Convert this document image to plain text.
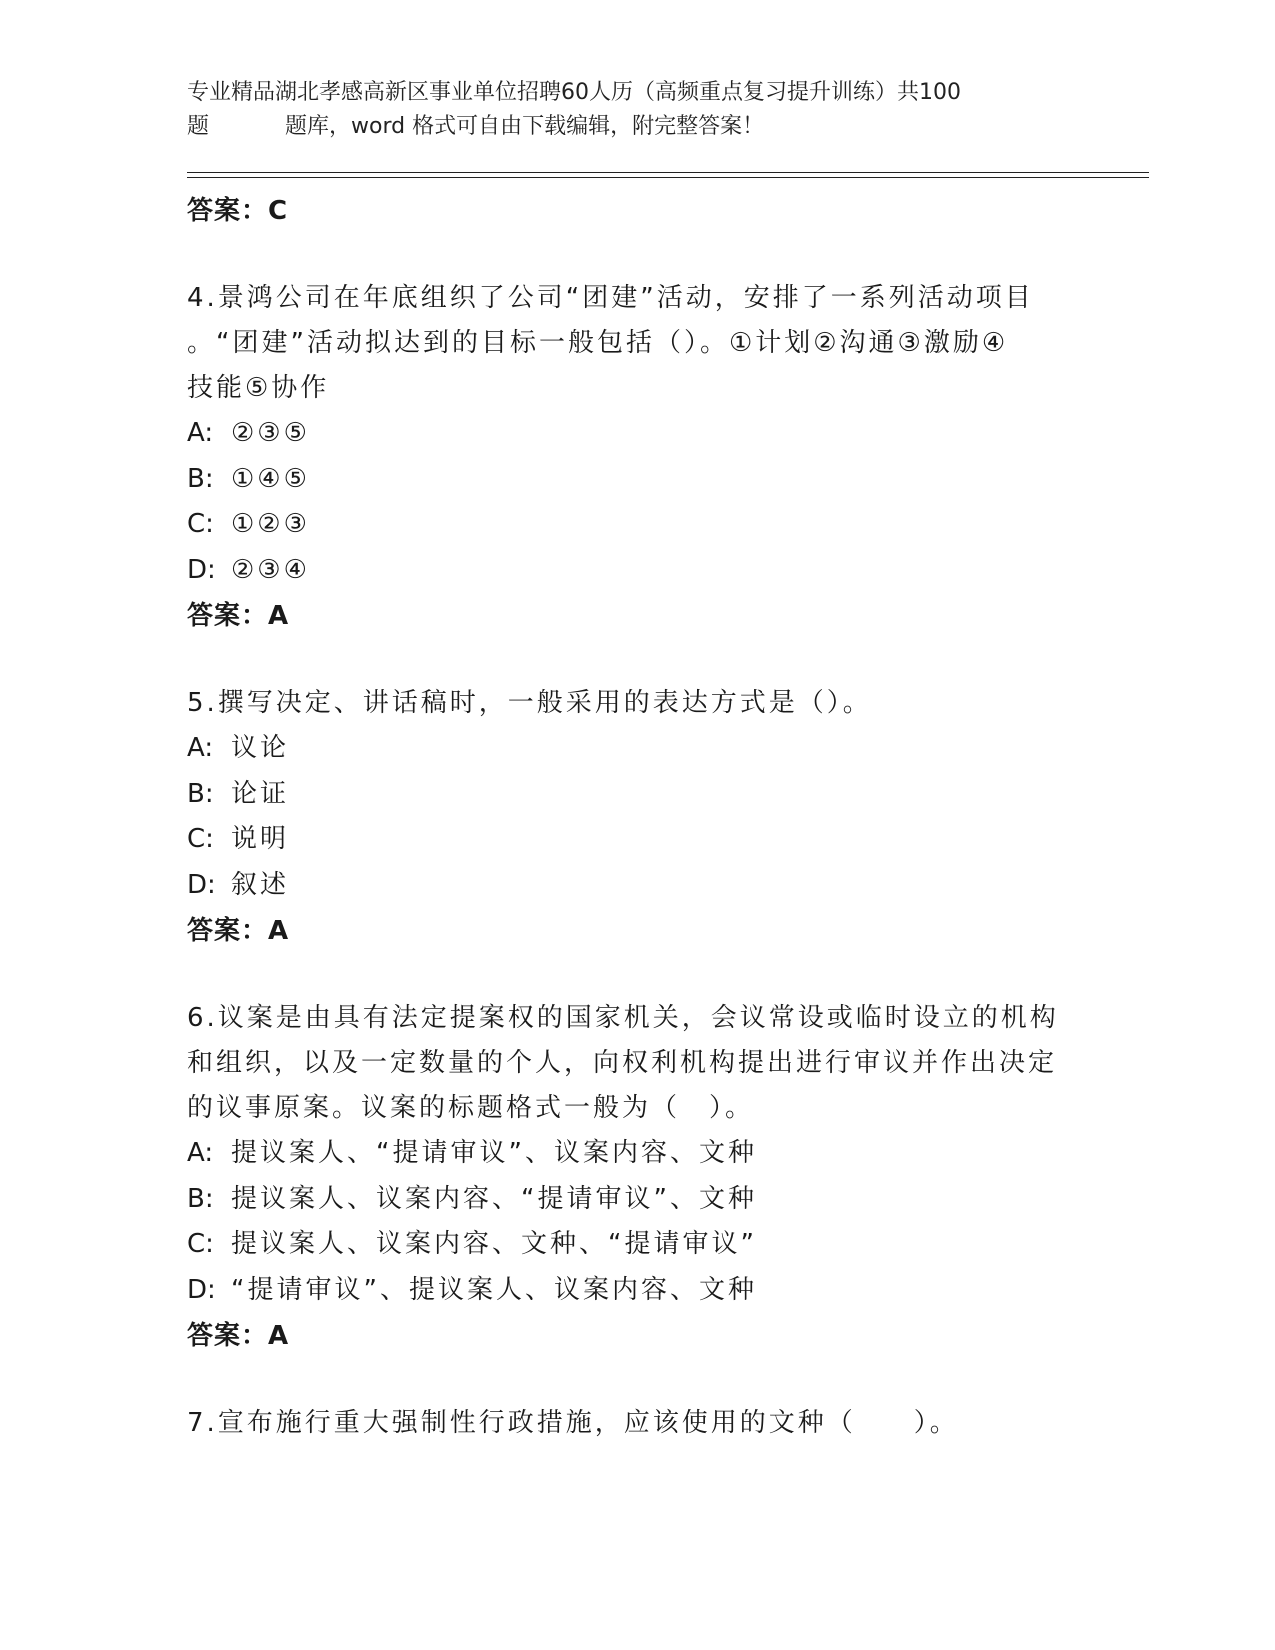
专业精品湖北孝感高新区事业单位招聘60人历（高频重点复习提升训练）共100
题	题库，word 格式可自由下载编辑，附完整答案！
答案：C
4.景鸿公司在年底组织了公司“团建”活动，安排了一系列活动项目
。“团建”活动拟达到的目标一般包括（）。①计划②沟通③激励④
技能⑤协作
A: ②③⑤
B: ①④⑤
C: ①②③
D: ②③④
答案：A
5.撰写决定、讲话稿时，一般采用的表达方式是（）。
A: 议论
B: 论证
C: 说明
D: 叙述
答案：A
6.议案是由具有法定提案权的国家机关，会议常设或临时设立的机构
和组织，以及一定数量的个人，向权利机构提出进行审议并作出决定
的议事原案。议案的标题格式一般为（　）。
A: 提议案人、“提请审议”、议案内容、文种
B: 提议案人、议案内容、“提请审议”、文种
C: 提议案人、议案内容、文种、“提请审议”
D: “提请审议”、提议案人、议案内容、文种
答案：A
7.宣布施行重大强制性行政措施，应该使用的文种（　　）。
